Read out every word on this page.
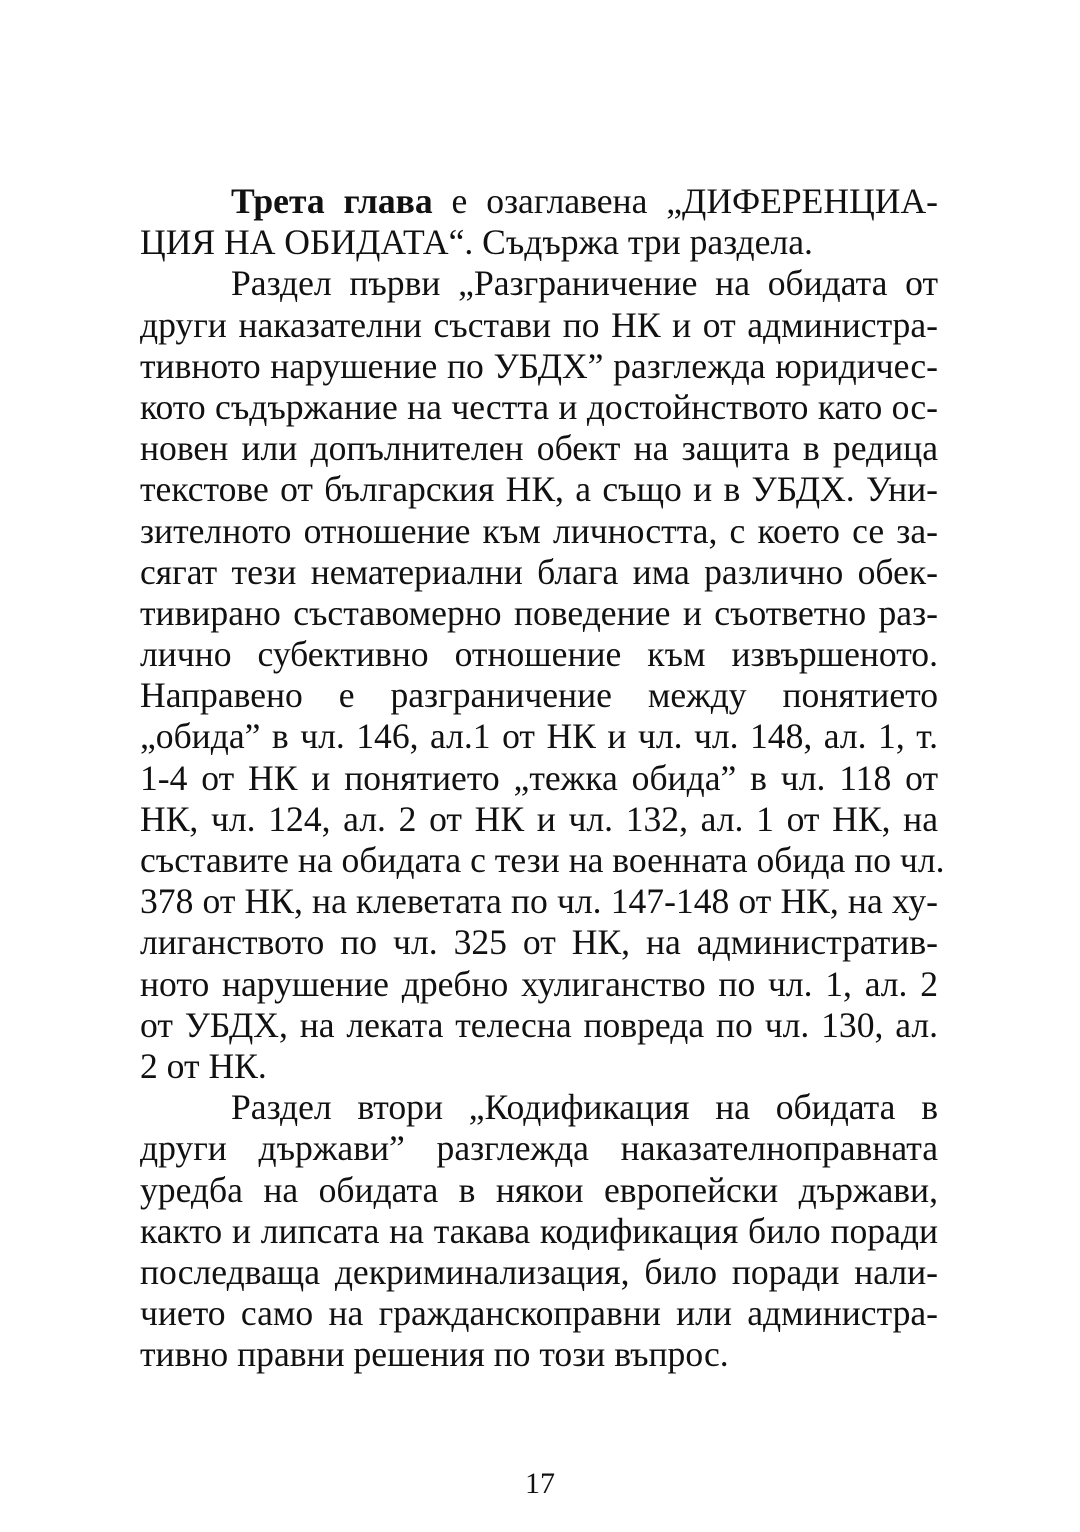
Трета глава е озаглавена „ДИФЕРЕНЦИА-
ЦИЯ НА ОБИДАТА“. Съдържа три раздела.
Раздел първи „Разграничение на обидата от
други наказателни състави по НК и от администра-
тивното нарушение по УБДХ” разглежда юридичес-
кото съдържание на честта и достойнството като ос-
новен или допълнителен обект на защита в редица
текстове от българския НК, а също и в УБДХ. Уни-
зителното отношение към личността, с което се за-
сягат тези нематериални блага има различно обек-
тивирано съставомерно поведение и съответно раз-
лично субективно отношение към извършеното.
Направено е разграничение между понятието
„обида” в чл. 146, ал.1 от НК и чл. чл. 148, ал. 1, т.
1-4 от НК и понятието „тежка обида” в чл. 118 от
НК, чл. 124, ал. 2 от НК и чл. 132, ал. 1 от НК, на
съставите на обидата с тези на военната обида по чл.
378 от НК, на клеветата по чл. 147-148 от НК, на ху-
лиганството по чл. 325 от НК, на административ-
ното нарушение дребно хулиганство по чл. 1, ал. 2
от УБДХ, на леката телесна повреда по чл. 130, ал.
2 от НК.
Раздел втори „Кодификация на обидата в
други държави” разглежда наказателноправната
уредба на обидата в някои европейски държави,
както и липсата на такава кодификация било поради
последваща декриминализация, било поради нали-
чието само на гражданскоправни или администра-
тивно правни решения по този въпрос.
17
